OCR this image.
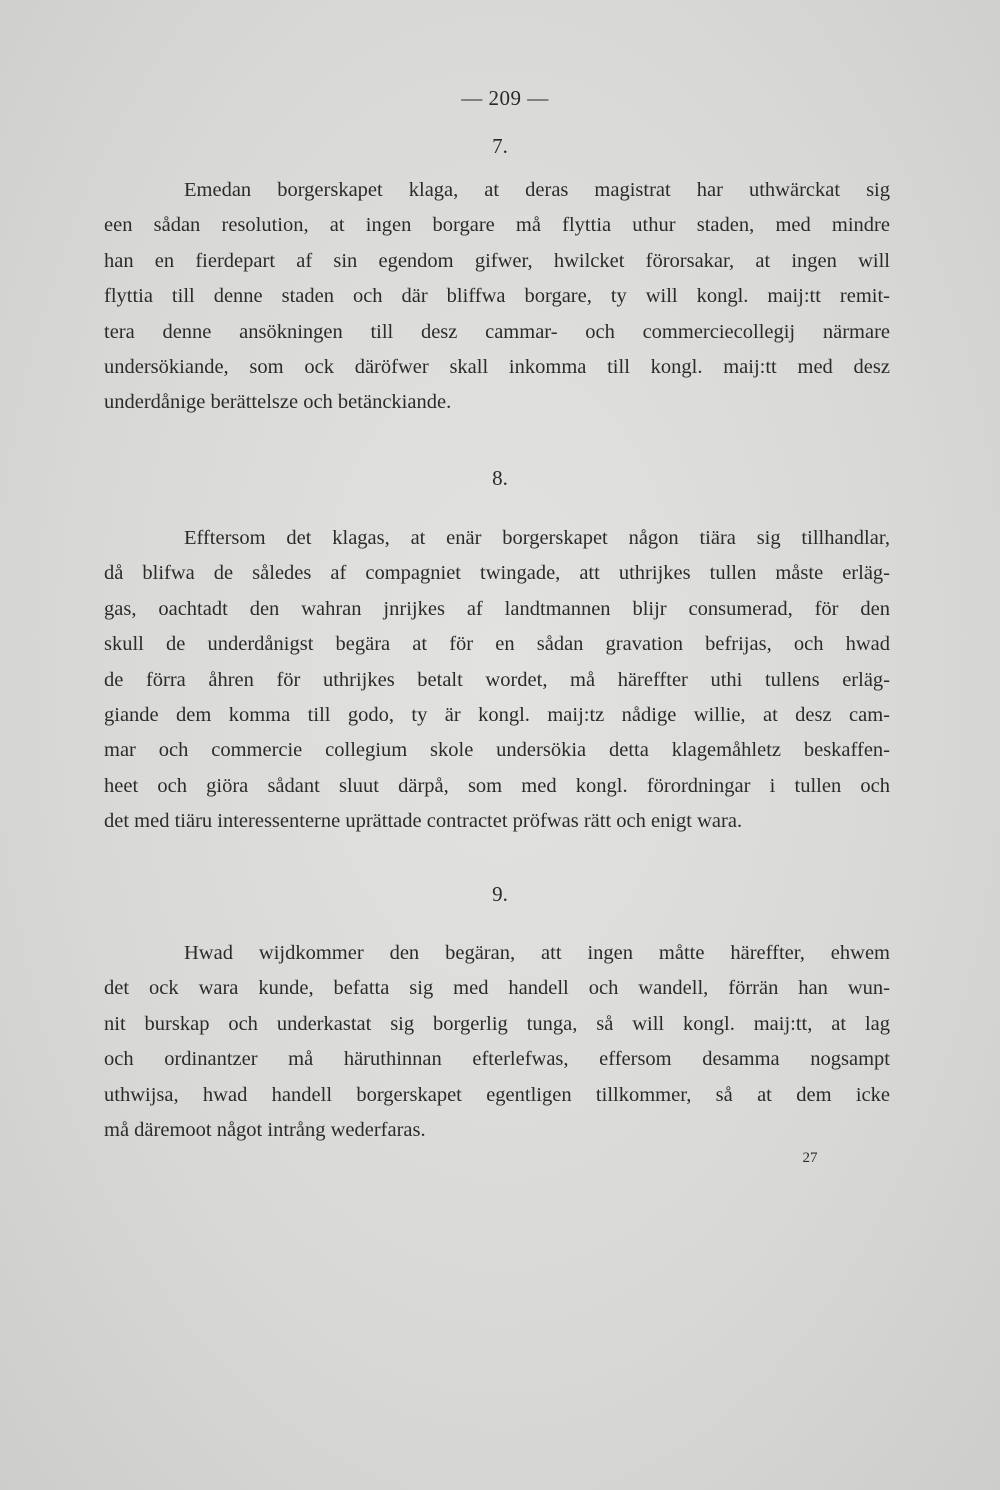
— 209 —
7.
Emedan borgerskapet klaga, at deras magistrat har uthwärckat sig
een sådan resolution, at ingen borgare må flyttia uthur staden, med mindre
han en fierdepart af sin egendom gifwer, hwilcket förorsakar, at ingen will
flyttia till denne staden och där bliffwa borgare, ty will kongl. maij:tt remit-
tera denne ansökningen till desz cammar- och commerciecollegij närmare
undersökiande, som ock däröfwer skall inkomma till kongl. maij:tt med desz
underdånige berättelsze och betänckiande.
8.
Efftersom det klagas, at enär borgerskapet någon tiära sig tillhandlar,
då blifwa de således af compagniet twingade, att uthrijkes tullen måste erläg-
gas, oachtadt den wahran jnrijkes af landtmannen blijr consumerad, för den
skull de underdånigst begära at för en sådan gravation befrijas, och hwad
de förra åhren för uthrijkes betalt wordet, må häreffter uthi tullens erläg-
giande dem komma till godo, ty är kongl. maij:tz nådige willie, at desz cam-
mar och commercie collegium skole undersökia detta klagemåhletz beskaffen-
heet och giöra sådant sluut därpå, som med kongl. förordningar i tullen och
det med tiäru interessenterne uprättade contractet pröfwas rätt och enigt wara.
9.
Hwad wijdkommer den begäran, att ingen måtte häreffter, ehwem
det ock wara kunde, befatta sig med handell och wandell, förrän han wun-
nit burskap och underkastat sig borgerlig tunga, så will kongl. maij:tt, at lag
och ordinantzer må häruthinnan efterlefwas, effersom desamma nogsampt
uthwijsa, hwad handell borgerskapet egentligen tillkommer, så at dem icke
må däremoot något intrång wederfaras.
27
